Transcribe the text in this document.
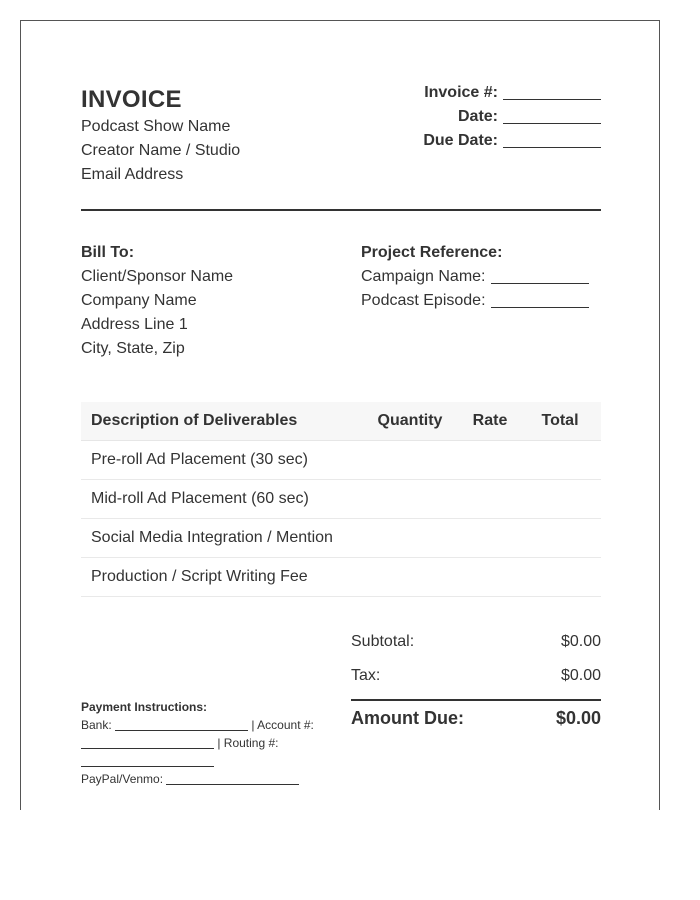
INVOICE
Podcast Show Name
Creator Name / Studio
Email Address
Invoice #:
Date:
Due Date:
Bill To:
Client/Sponsor Name
Company Name
Address Line 1
City, State, Zip
Project Reference:
Campaign Name:
Podcast Episode:
Description of Deliverables	Quantity	Rate	Total
Pre-roll Ad Placement (30 sec)			
Mid-roll Ad Placement (60 sec)			
Social Media Integration / Mention			
Production / Script Writing Fee			
Payment Instructions:
Bank:	| Account #:
| Routing #:
PayPal/Venmo:
Subtotal:	$0.00
Tax:	$0.00
Amount Due:	$0.00
